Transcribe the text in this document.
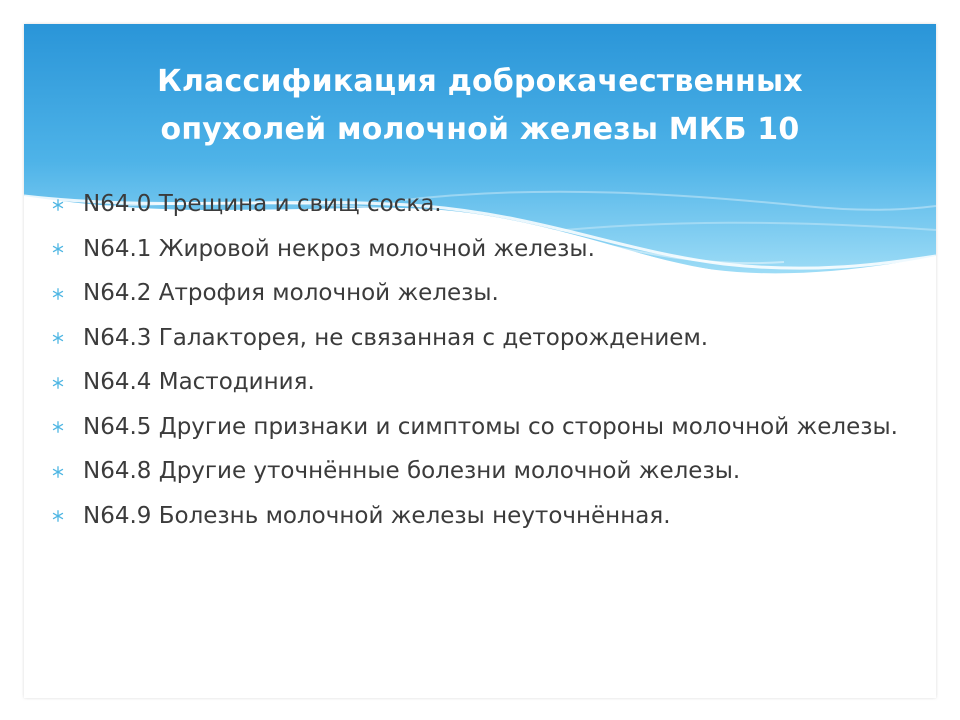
Классификация доброкачественных
опухолей молочной железы МКБ 10
N64.0 Трещина и свищ соска.
N64.1 Жировой некроз молочной железы.
N64.2 Атрофия молочной железы.
N64.3 Галакторея, не связанная с деторождением.
N64.4 Мастодиния.
N64.5 Другие признаки и симптомы со стороны молочной железы.
N64.8 Другие уточнённые болезни молочной железы.
N64.9 Болезнь молочной железы неуточнённая.
